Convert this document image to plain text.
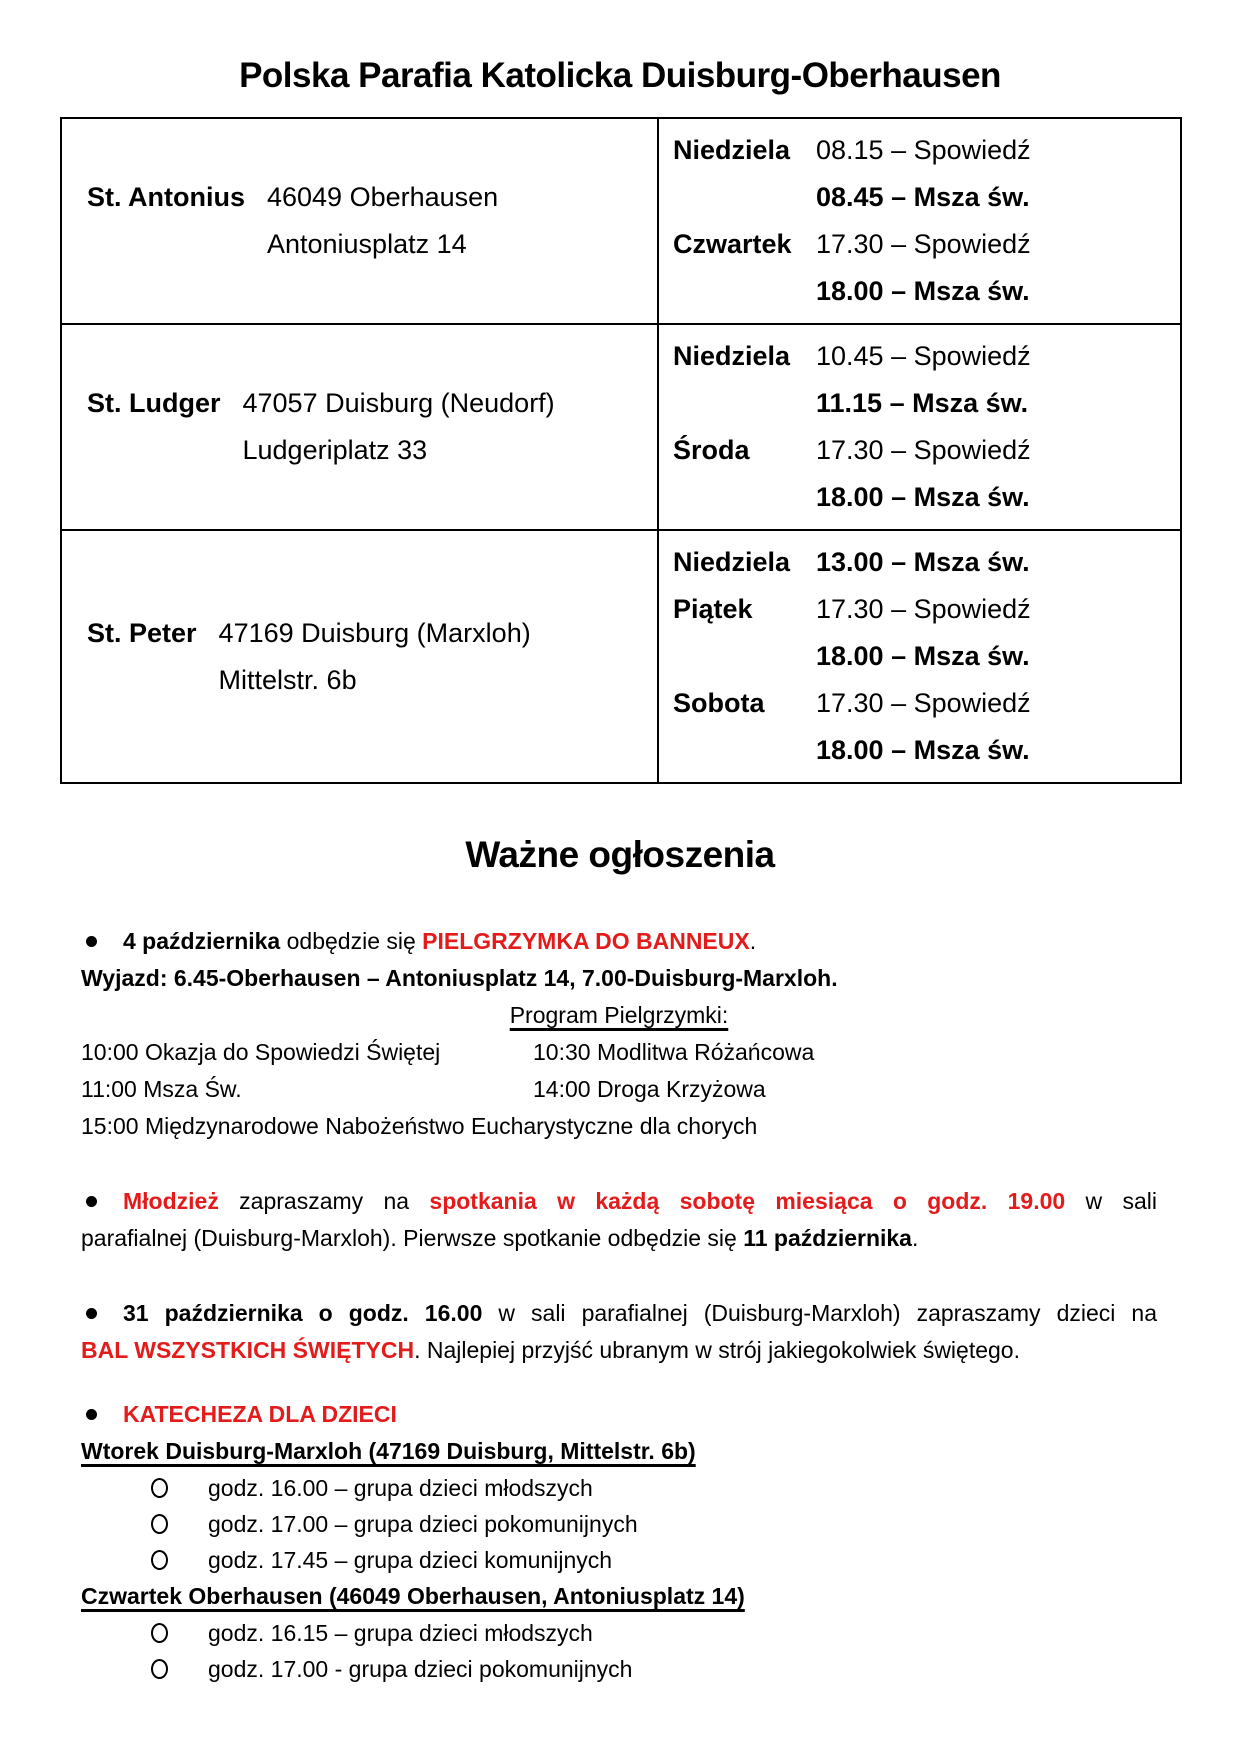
Polska Parafia Katolicka Duisburg-Oberhausen
St. Antonius 46049 Oberhausen
Antoniusplatz 14

Niedziela 08.15 – Spowiedź
08.45 – Msza św.
Czwartek 17.30 – Spowiedź
18.00 – Msza św.

St. Ludger 47057 Duisburg (Neudorf)
Ludgeriplatz 33

Niedziela 10.45 – Spowiedź
11.15 – Msza św.
Środa	17.30 – Spowiedź
18.00 – Msza św.

St. Peter 47169 Duisburg (Marxloh)
Mittelstr. 6b

Niedziela 13.00 – Msza św.
Piątek	17.30 – Spowiedź
18.00 – Msza św.
Sobota	17.30 – Spowiedź
18.00 – Msza św.
Ważne ogłoszenia
4 października odbędzie się PIELGRZYMKA DO BANNEUX.
Wyjazd: 6.45-Oberhausen – Antoniusplatz 14, 7.00-Duisburg-Marxloh.
Program Pielgrzymki:
10:00 Okazja do Spowiedzi Świętej	10:30 Modlitwa Różańcowa
11:00 Msza Św.	14:00 Droga Krzyżowa
15:00 Międzynarodowe Nabożeństwo Eucharystyczne dla chorych
Młodzież zapraszamy na spotkania w każdą sobotę miesiąca o godz. 19.00 w sali
parafialnej (Duisburg-Marxloh). Pierwsze spotkanie odbędzie się 11 października.
31 października o godz. 16.00 w sali parafialnej (Duisburg-Marxloh) zapraszamy dzieci na
BAL WSZYSTKICH ŚWIĘTYCH. Najlepiej przyjść ubranym w strój jakiegokolwiek świętego.
KATECHEZA DLA DZIECI
Wtorek Duisburg-Marxloh (47169 Duisburg, Mittelstr. 6b)
godz. 16.00 – grupa dzieci młodszych
godz. 17.00 – grupa dzieci pokomunijnych
godz. 17.45 – grupa dzieci komunijnych
Czwartek Oberhausen (46049 Oberhausen, Antoniusplatz 14)
godz. 16.15 – grupa dzieci młodszych
godz. 17.00 - grupa dzieci pokomunijnych
